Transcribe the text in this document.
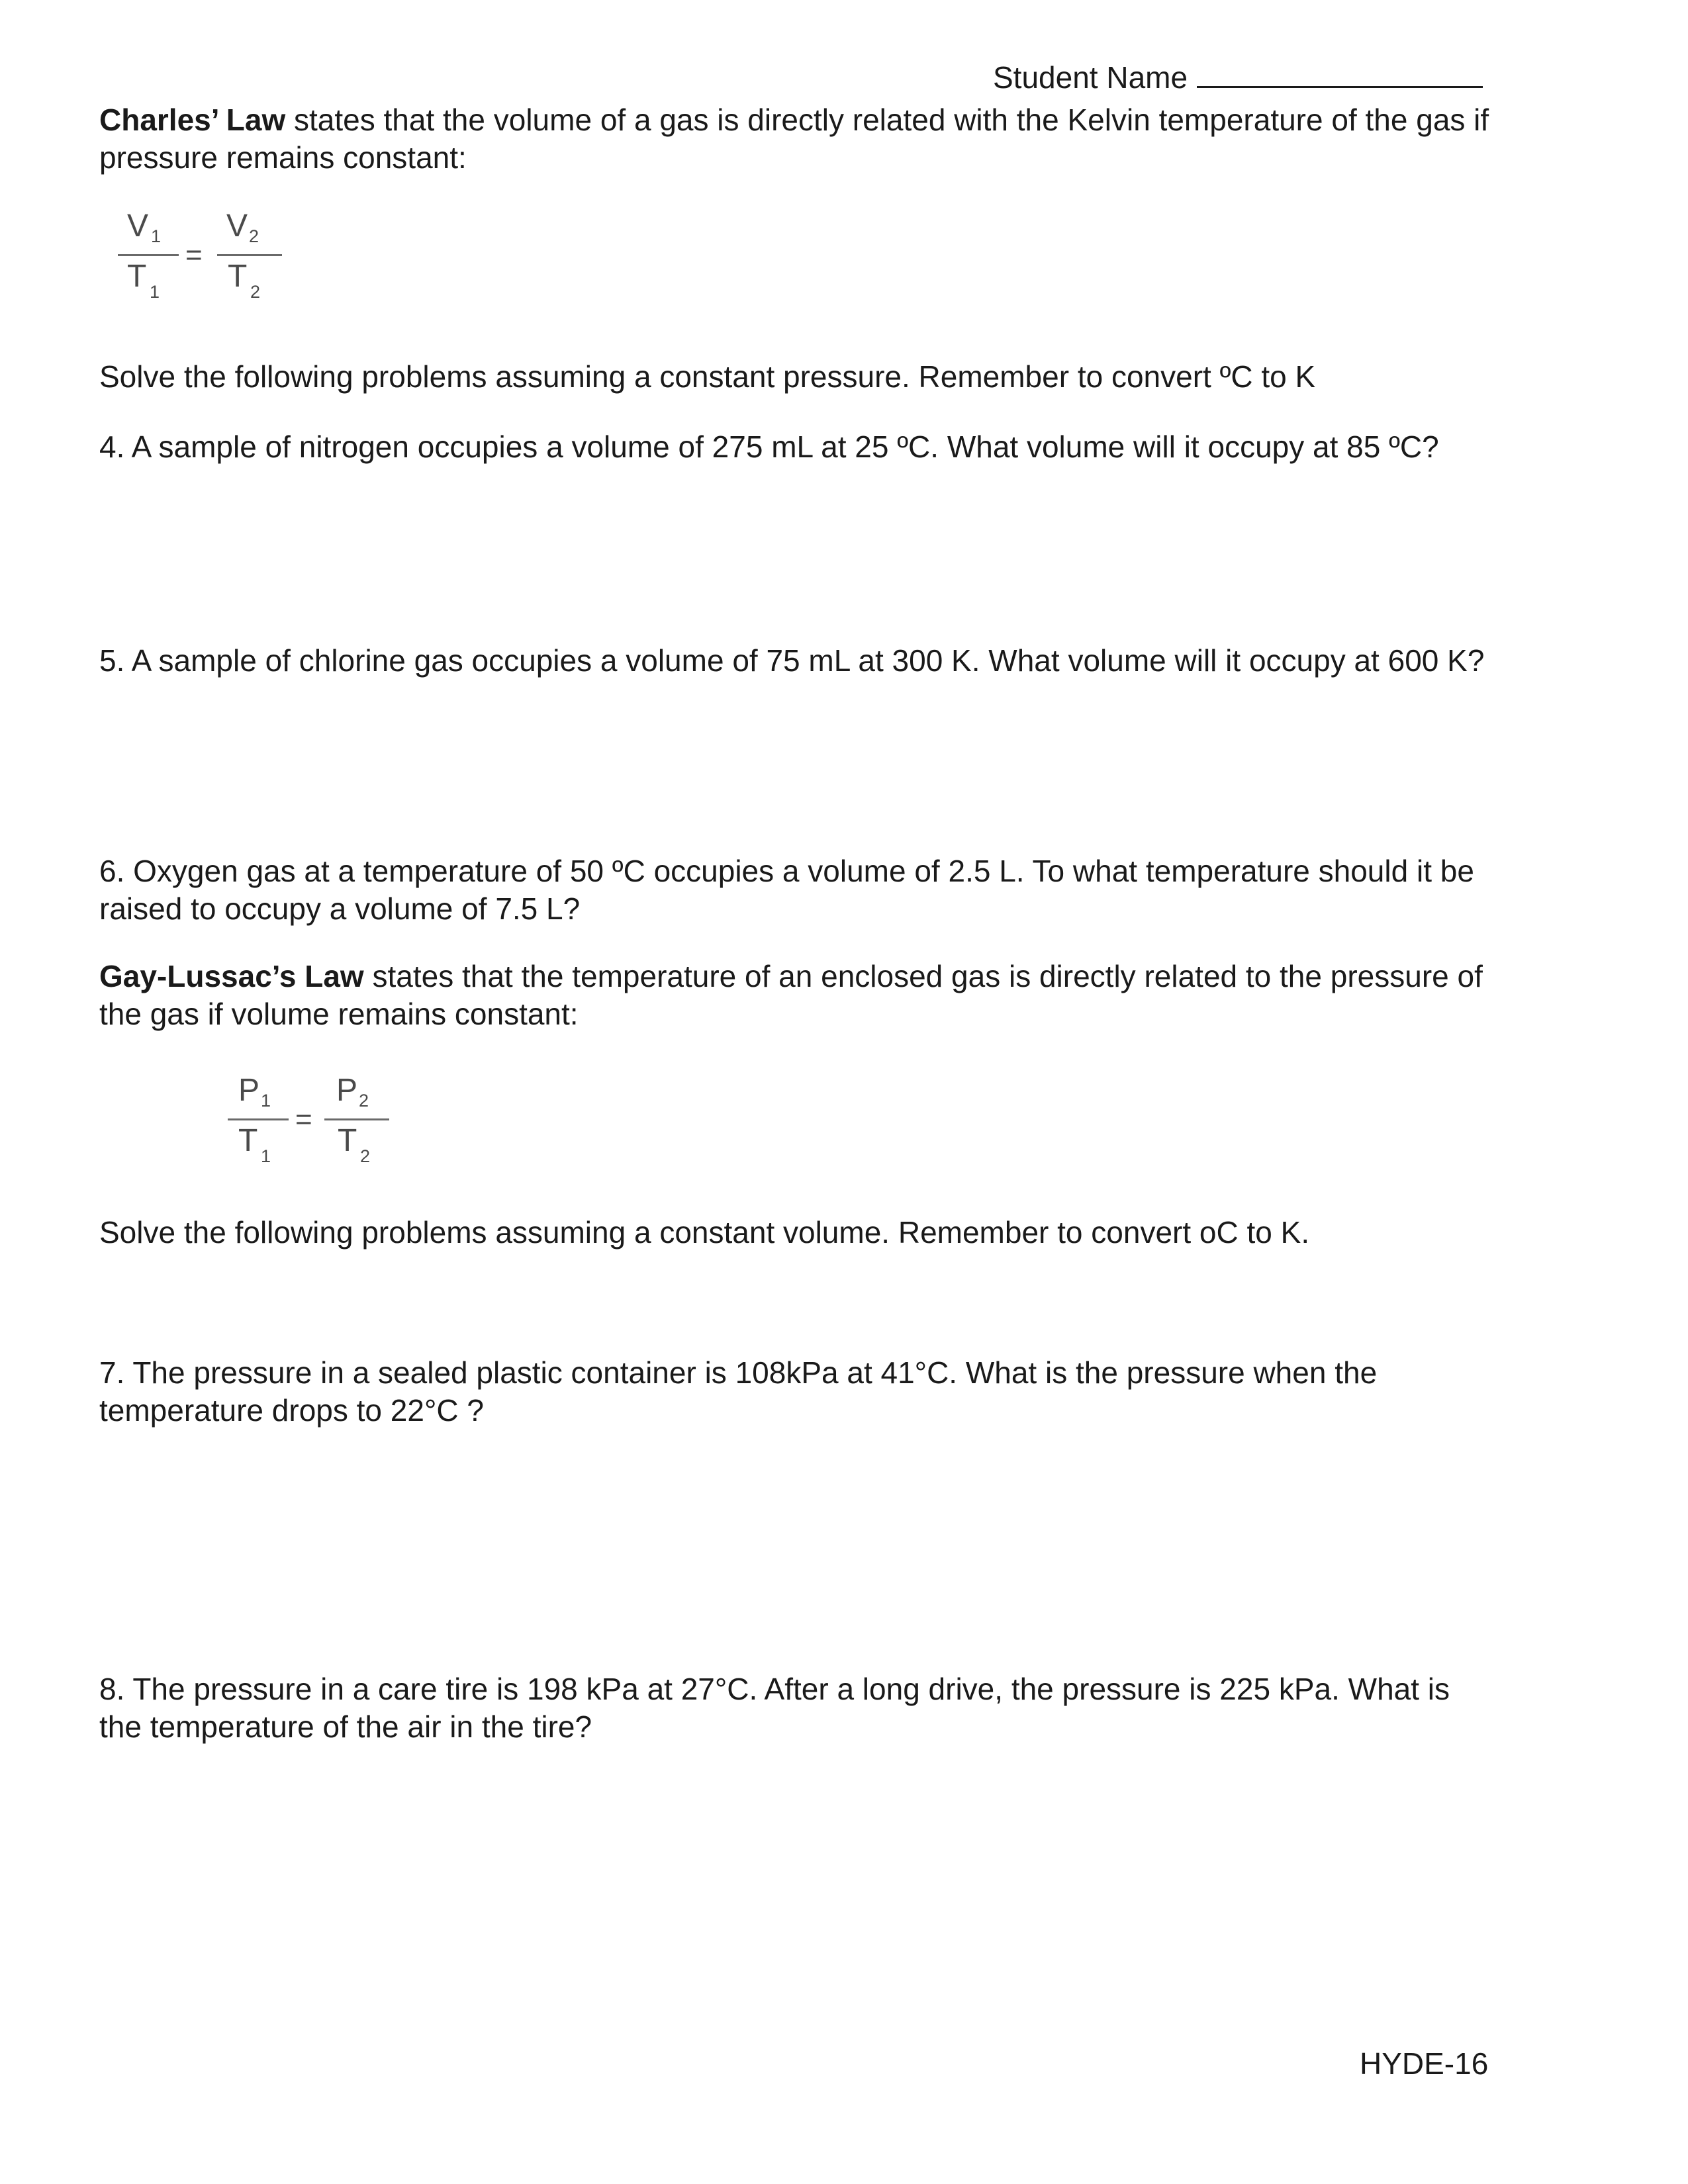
Student Name
Charles’ Law states that the volume of a gas is directly related with the Kelvin temperature of the gas if
pressure remains constant:
V 1
T 1
=
V 2
T 2
Solve the following problems assuming a constant pressure. Remember to convert ºC to K
4. A sample of nitrogen occupies a volume of 275 mL at 25 ºC. What volume will it occupy at 85 ºC?
5. A sample of chlorine gas occupies a volume of 75 mL at 300 K. What volume will it occupy at 600 K?
6. Oxygen gas at a temperature of 50 ºC occupies a volume of 2.5 L. To what temperature should it be
raised to occupy a volume of 7.5 L?
Gay-Lussac’s Law states that the temperature of an enclosed gas is directly related to the pressure of
the gas if volume remains constant:
P 1
T 1
=
P 2
T 2
Solve the following problems assuming a constant volume. Remember to convert oC to K.
7. The pressure in a sealed plastic container is 108kPa at 41°C. What is the pressure when the
temperature drops to 22°C ?
8. The pressure in a care tire is 198 kPa at 27°C. After a long drive, the pressure is 225 kPa. What is
the temperature of the air in the tire?
HYDE-16
